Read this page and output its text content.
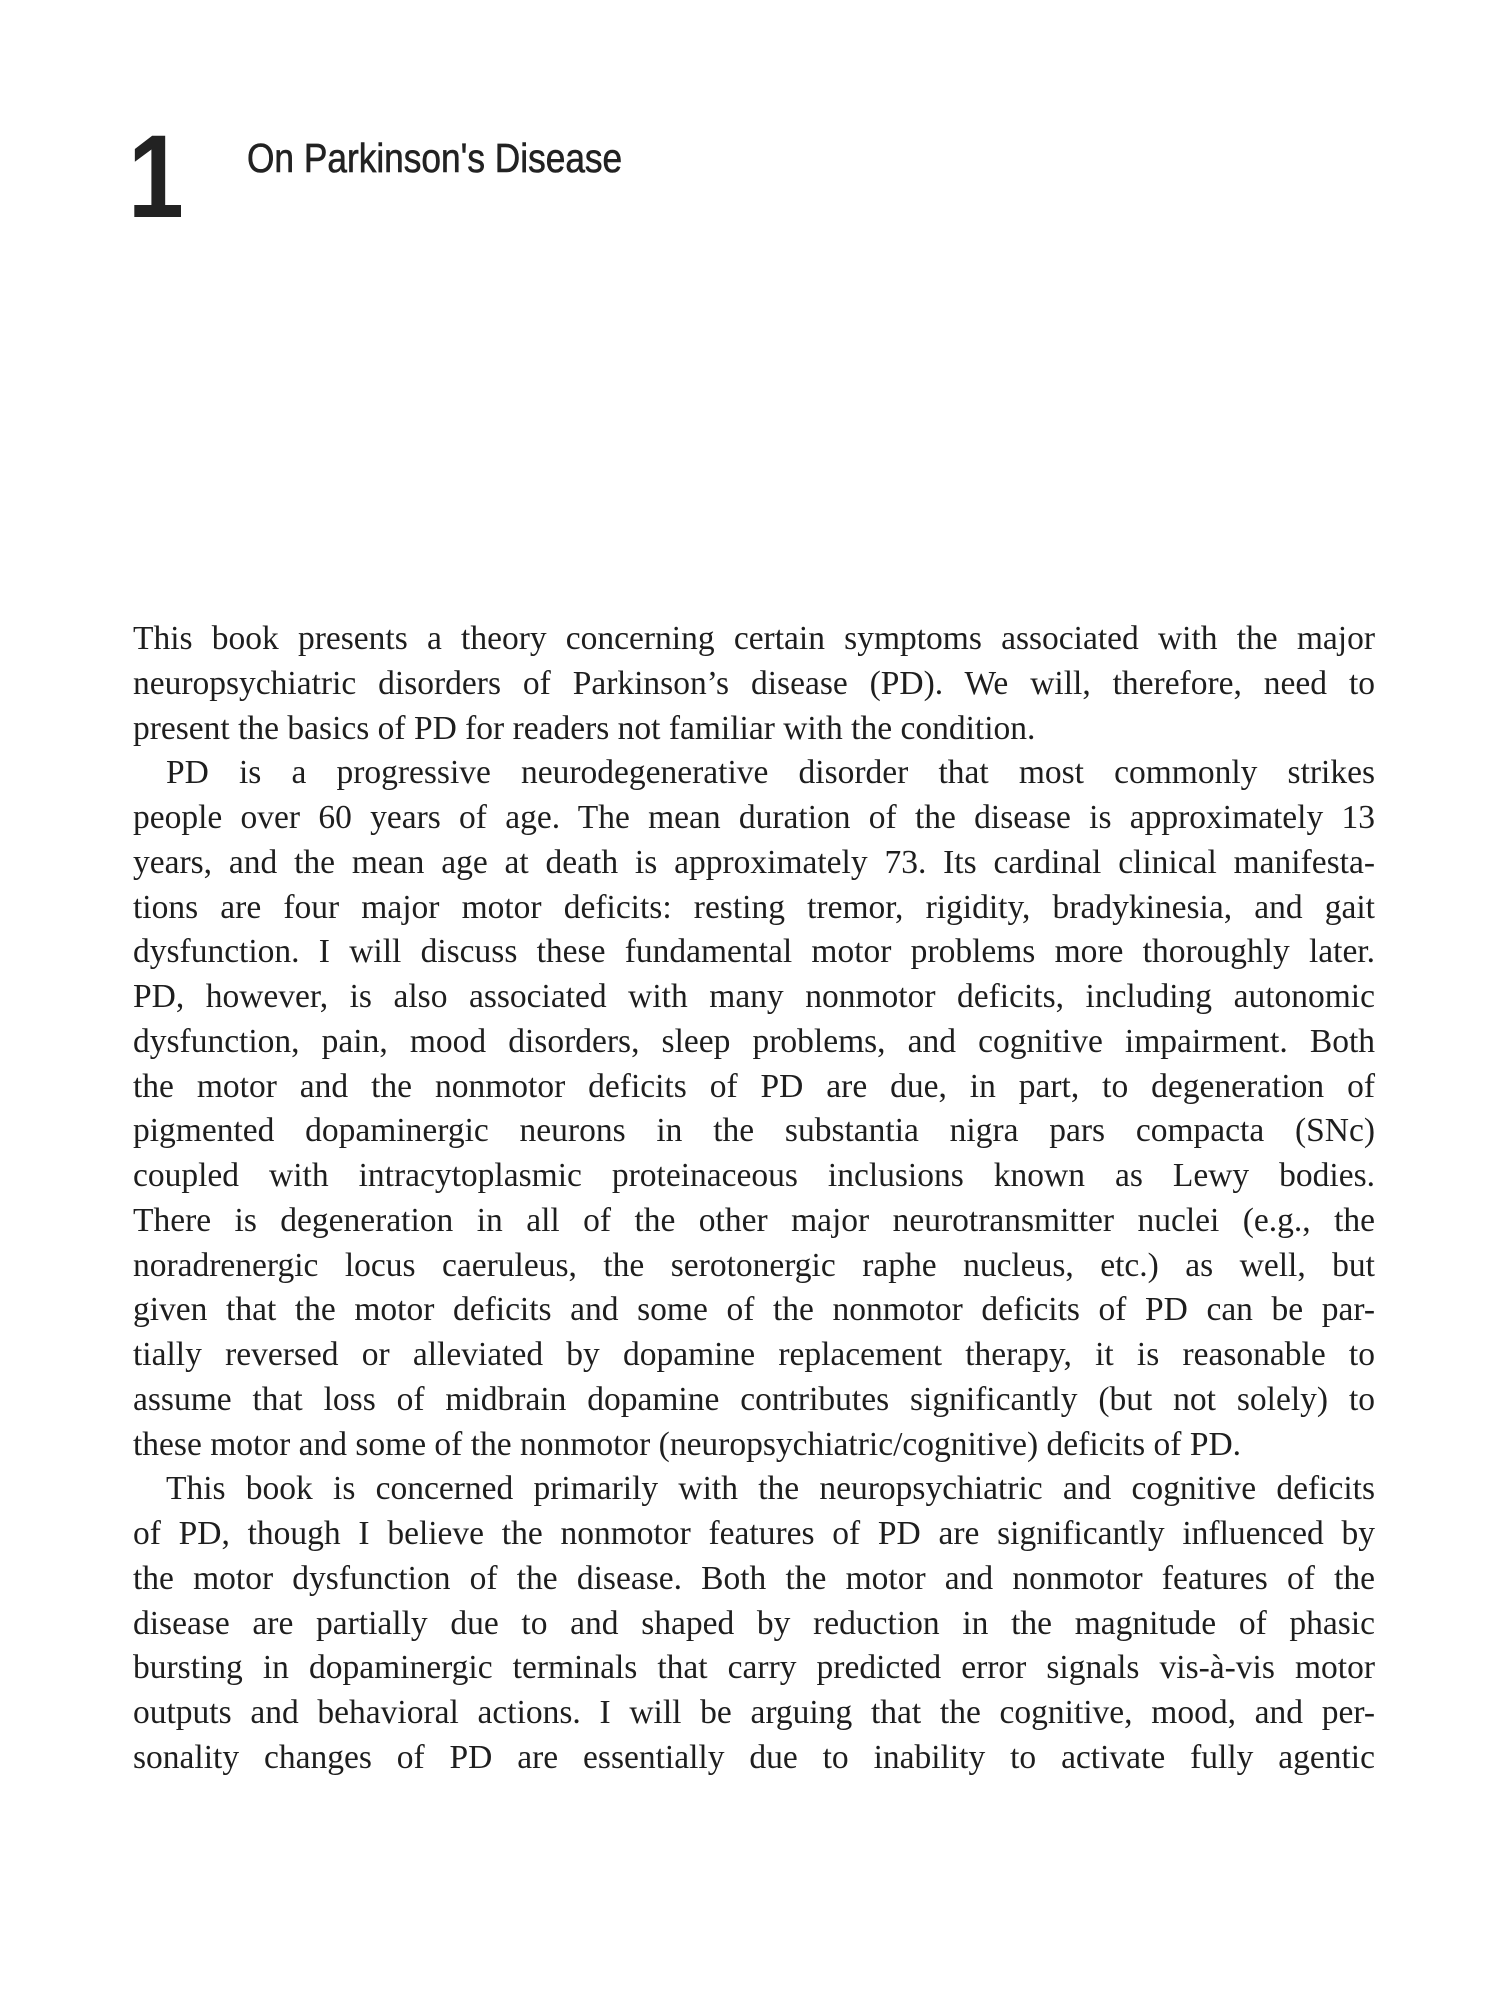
1 On Parkinson's Disease
This book presents a theory concerning certain symptoms associated with the major
neuropsychiatric disorders of Parkinson’s disease (PD). We will, therefore, need to
present the basics of PD for readers not familiar with the condition.
PD is a progressive neurodegenerative disorder that most commonly strikes
people over 60 years of age. The mean duration of the disease is approximately 13
years, and the mean age at death is approximately 73. Its cardinal clinical manifesta-
tions are four major motor deficits: resting tremor, rigidity, bradykinesia, and gait
dysfunction. I will discuss these fundamental motor problems more thoroughly later.
PD, however, is also associated with many nonmotor deficits, including autonomic
dysfunction, pain, mood disorders, sleep problems, and cognitive impairment. Both
the motor and the nonmotor deficits of PD are due, in part, to degeneration of
pigmented dopaminergic neurons in the substantia nigra pars compacta (SNc)
coupled with intracytoplasmic proteinaceous inclusions known as Lewy bodies.
There is degeneration in all of the other major neurotransmitter nuclei (e.g., the
noradrenergic locus caeruleus, the serotonergic raphe nucleus, etc.) as well, but
given that the motor deficits and some of the nonmotor deficits of PD can be par-
tially reversed or alleviated by dopamine replacement therapy, it is reasonable to
assume that loss of midbrain dopamine contributes significantly (but not solely) to
these motor and some of the nonmotor (neuropsychiatric/cognitive) deficits of PD.
This book is concerned primarily with the neuropsychiatric and cognitive deficits
of PD, though I believe the nonmotor features of PD are significantly influenced by
the motor dysfunction of the disease. Both the motor and nonmotor features of the
disease are partially due to and shaped by reduction in the magnitude of phasic
bursting in dopaminergic terminals that carry predicted error signals vis-à-vis motor
outputs and behavioral actions. I will be arguing that the cognitive, mood, and per-
sonality changes of PD are essentially due to inability to activate fully agentic
